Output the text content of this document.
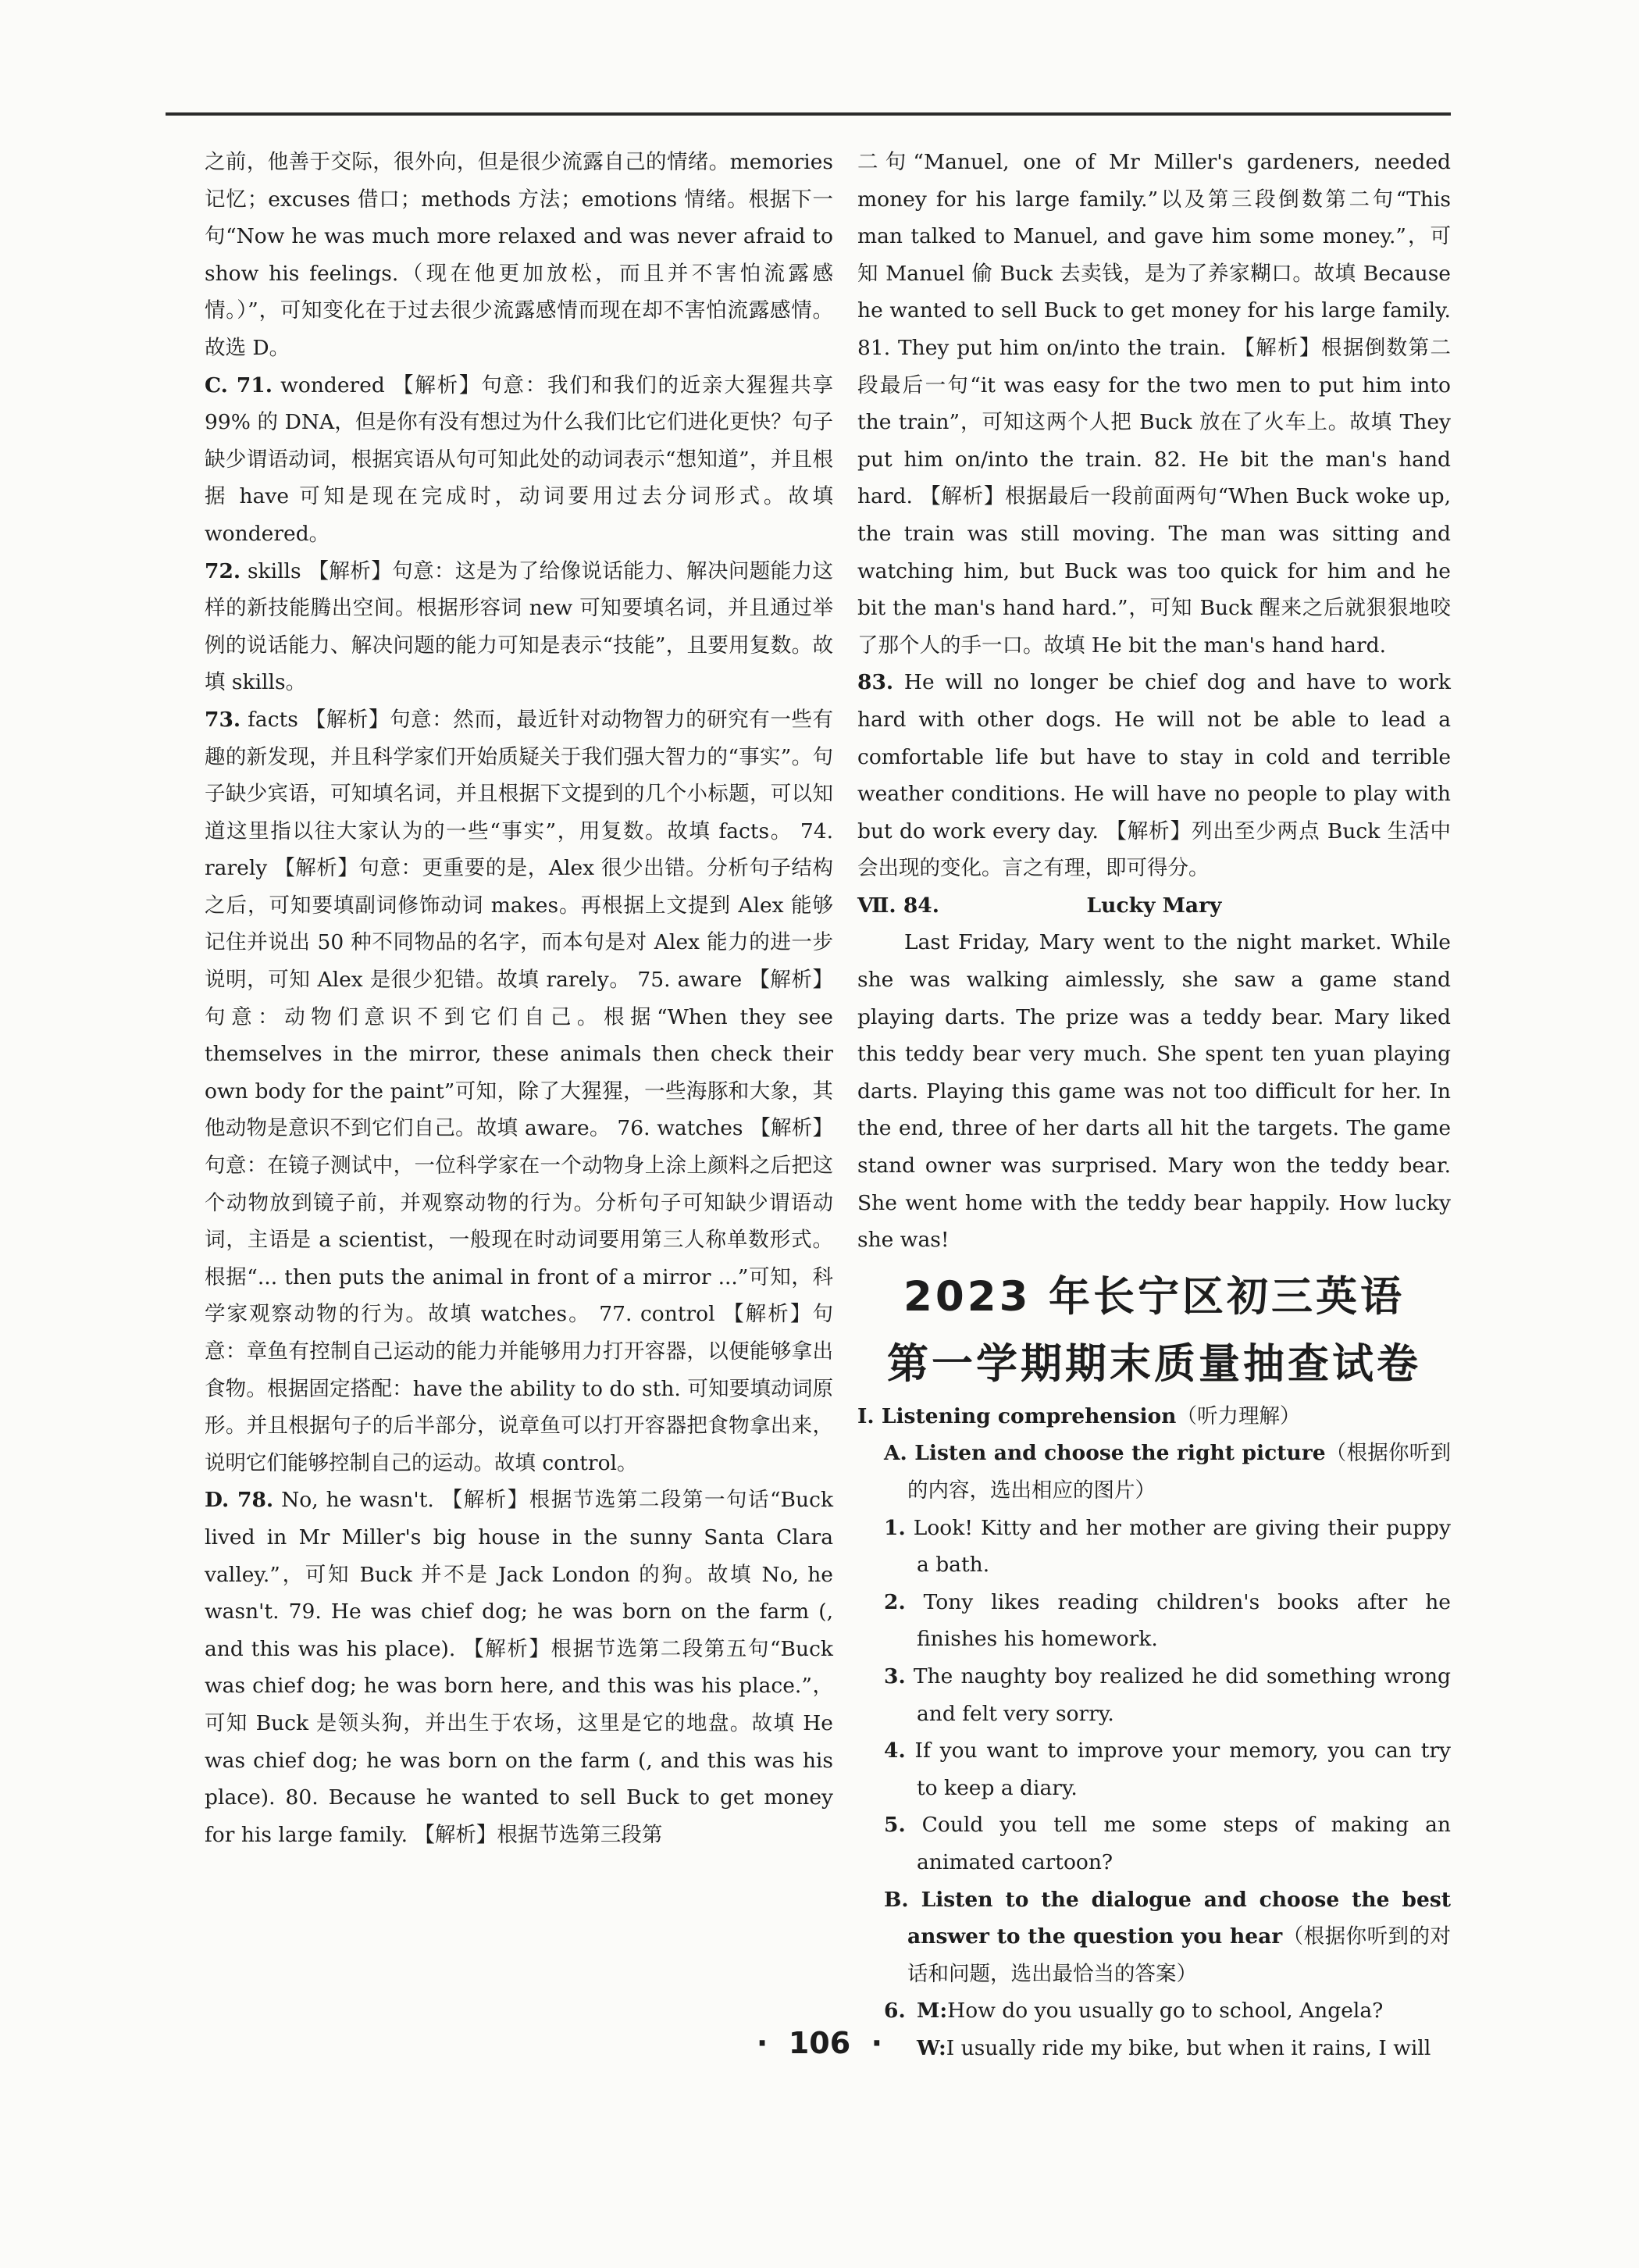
之前，他善于交际，很外向，但是很少流露自己的情绪。memories 记忆；excuses 借口；methods 方法；emotions 情绪。根据下一句“Now he was much more relaxed and was never afraid to show his feelings.（现在他更加放松，而且并不害怕流露感情。）”，可知变化在于过去很少流露感情而现在却不害怕流露感情。故选 D。

C. 71. wondered 【解析】句意：我们和我们的近亲大猩猩共享 99% 的 DNA，但是你有没有想过为什么我们比它们进化更快？句子缺少谓语动词，根据宾语从句可知此处的动词表示“想知道”，并且根据 have 可知是现在完成时，动词要用过去分词形式。故填 wondered。

72. skills 【解析】句意：这是为了给像说话能力、解决问题能力这样的新技能腾出空间。根据形容词 new 可知要填名词，并且通过举例的说话能力、解决问题的能力可知是表示“技能”，且要用复数。故填 skills。

73. facts 【解析】句意：然而，最近针对动物智力的研究有一些有趣的新发现，并且科学家们开始质疑关于我们强大智力的“事实”。句子缺少宾语，可知填名词，并且根据下文提到的几个小标题，可以知道这里指以往大家认为的一些“事实”，用复数。故填 facts。 74. rarely 【解析】句意：更重要的是，Alex 很少出错。分析句子结构之后，可知要填副词修饰动词 makes。再根据上文提到 Alex 能够记住并说出 50 种不同物品的名字，而本句是对 Alex 能力的进一步说明，可知 Alex 是很少犯错。故填 rarely。 75. aware 【解析】句意：动物们意识不到它们自己。根据“When they see themselves in the mirror, these animals then check their own body for the paint”可知，除了大猩猩，一些海豚和大象，其他动物是意识不到它们自己。故填 aware。 76. watches 【解析】句意：在镜子测试中，一位科学家在一个动物身上涂上颜料之后把这个动物放到镜子前，并观察动物的行为。分析句子可知缺少谓语动词，主语是 a scientist，一般现在时动词要用第三人称单数形式。根据“... then puts the animal in front of a mirror ...”可知，科学家观察动物的行为。故填 watches。 77. control 【解析】句意：章鱼有控制自己运动的能力并能够用力打开容器，以便能够拿出食物。根据固定搭配：have the ability to do sth. 可知要填动词原形。并且根据句子的后半部分，说章鱼可以打开容器把食物拿出来，说明它们能够控制自己的运动。故填 control。

D. 78. No, he wasn't. 【解析】根据节选第二段第一句话“Buck lived in Mr Miller's big house in the sunny Santa Clara valley.”，可知 Buck 并不是 Jack London 的狗。故填 No, he wasn't. 79. He was chief dog; he was born on the farm (, and this was his place). 【解析】根据节选第二段第五句“Buck was chief dog; he was born here, and this was his place.”，可知 Buck 是领头狗，并出生于农场，这里是它的地盘。故填 He was chief dog; he was born on the farm (, and this was his place). 80. Because he wanted to sell Buck to get money for his large family. 【解析】根据节选第三段第

二句“Manuel, one of Mr Miller's gardeners, needed money for his large family.”以及第三段倒数第二句“This man talked to Manuel, and gave him some money.”，可知 Manuel 偷 Buck 去卖钱，是为了养家糊口。故填 Because he wanted to sell Buck to get money for his large family. 81. They put him on/into the train. 【解析】根据倒数第二段最后一句“it was easy for the two men to put him into the train”，可知这两个人把 Buck 放在了火车上。故填 They put him on/into the train. 82. He bit the man's hand hard. 【解析】根据最后一段前面两句“When Buck woke up, the train was still moving. The man was sitting and watching him, but Buck was too quick for him and he bit the man's hand hard.”，可知 Buck 醒来之后就狠狠地咬了那个人的手一口。故填 He bit the man's hand hard.

83. He will no longer be chief dog and have to work hard with other dogs. He will not be able to lead a comfortable life but have to stay in cold and terrible weather conditions. He will have no people to play with but do work every day. 【解析】列出至少两点 Buck 生活中会出现的变化。言之有理，即可得分。

Ⅶ. 84.	Lucky Mary

Last Friday, Mary went to the night market. While she was walking aimlessly, she saw a game stand playing darts. The prize was a teddy bear. Mary liked this teddy bear very much. She spent ten yuan playing darts. Playing this game was not too difficult for her. In the end, three of her darts all hit the targets. The game stand owner was surprised. Mary won the teddy bear. She went home with the teddy bear happily. How lucky she was!

2023 年长宁区初三英语
第一学期期末质量抽查试卷

Ⅰ. Listening comprehension（听力理解）

A. Listen and choose the right picture（根据你听到的内容，选出相应的图片）

1. Look! Kitty and her mother are giving their puppy a bath.

2. Tony likes reading children's books after he finishes his homework.

3. The naughty boy realized he did something wrong and felt very sorry.

4. If you want to improve your memory, you can try to keep a diary.

5. Could you tell me some steps of making an animated cartoon?

B. Listen to the dialogue and choose the best answer to the question you hear（根据你听到的对话和问题，选出最恰当的答案）

6. M:How do you usually go to school, Angela?

W:I usually ride my bike, but when it rains, I will

·  106  ·
